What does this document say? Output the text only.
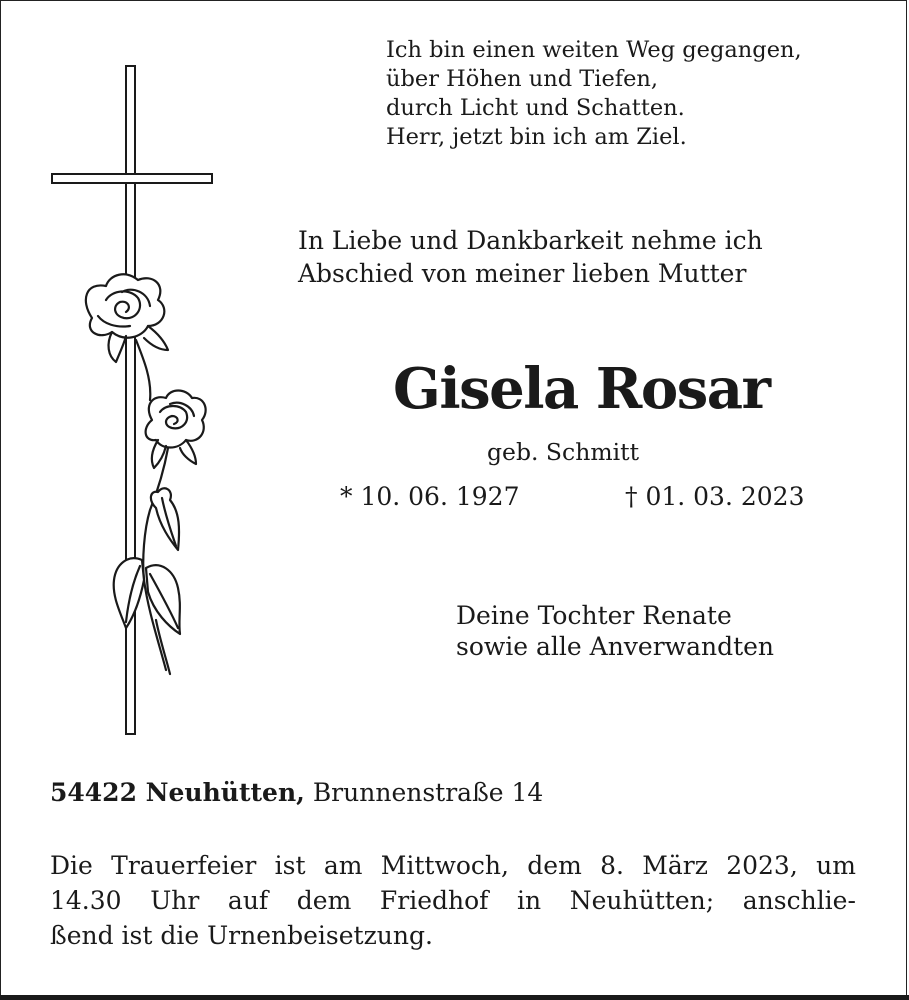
Ich bin einen weiten Weg gegangen,
über Höhen und Tiefen,
durch Licht und Schatten.
Herr, jetzt bin ich am Ziel.
In Liebe und Dankbarkeit nehme ich
Abschied von meiner lieben Mutter
Gisela Rosar
geb. Schmitt
* 10. 06. 1927	† 01. 03. 2023
Deine Tochter Renate
sowie alle Anverwandten
54422 Neuhütten, Brunnenstraße 14
Die Trauerfeier ist am Mittwoch, dem 8. März 2023, um
14.30 Uhr auf dem Friedhof in Neuhütten; anschlie-
ßend ist die Urnenbeisetzung.
